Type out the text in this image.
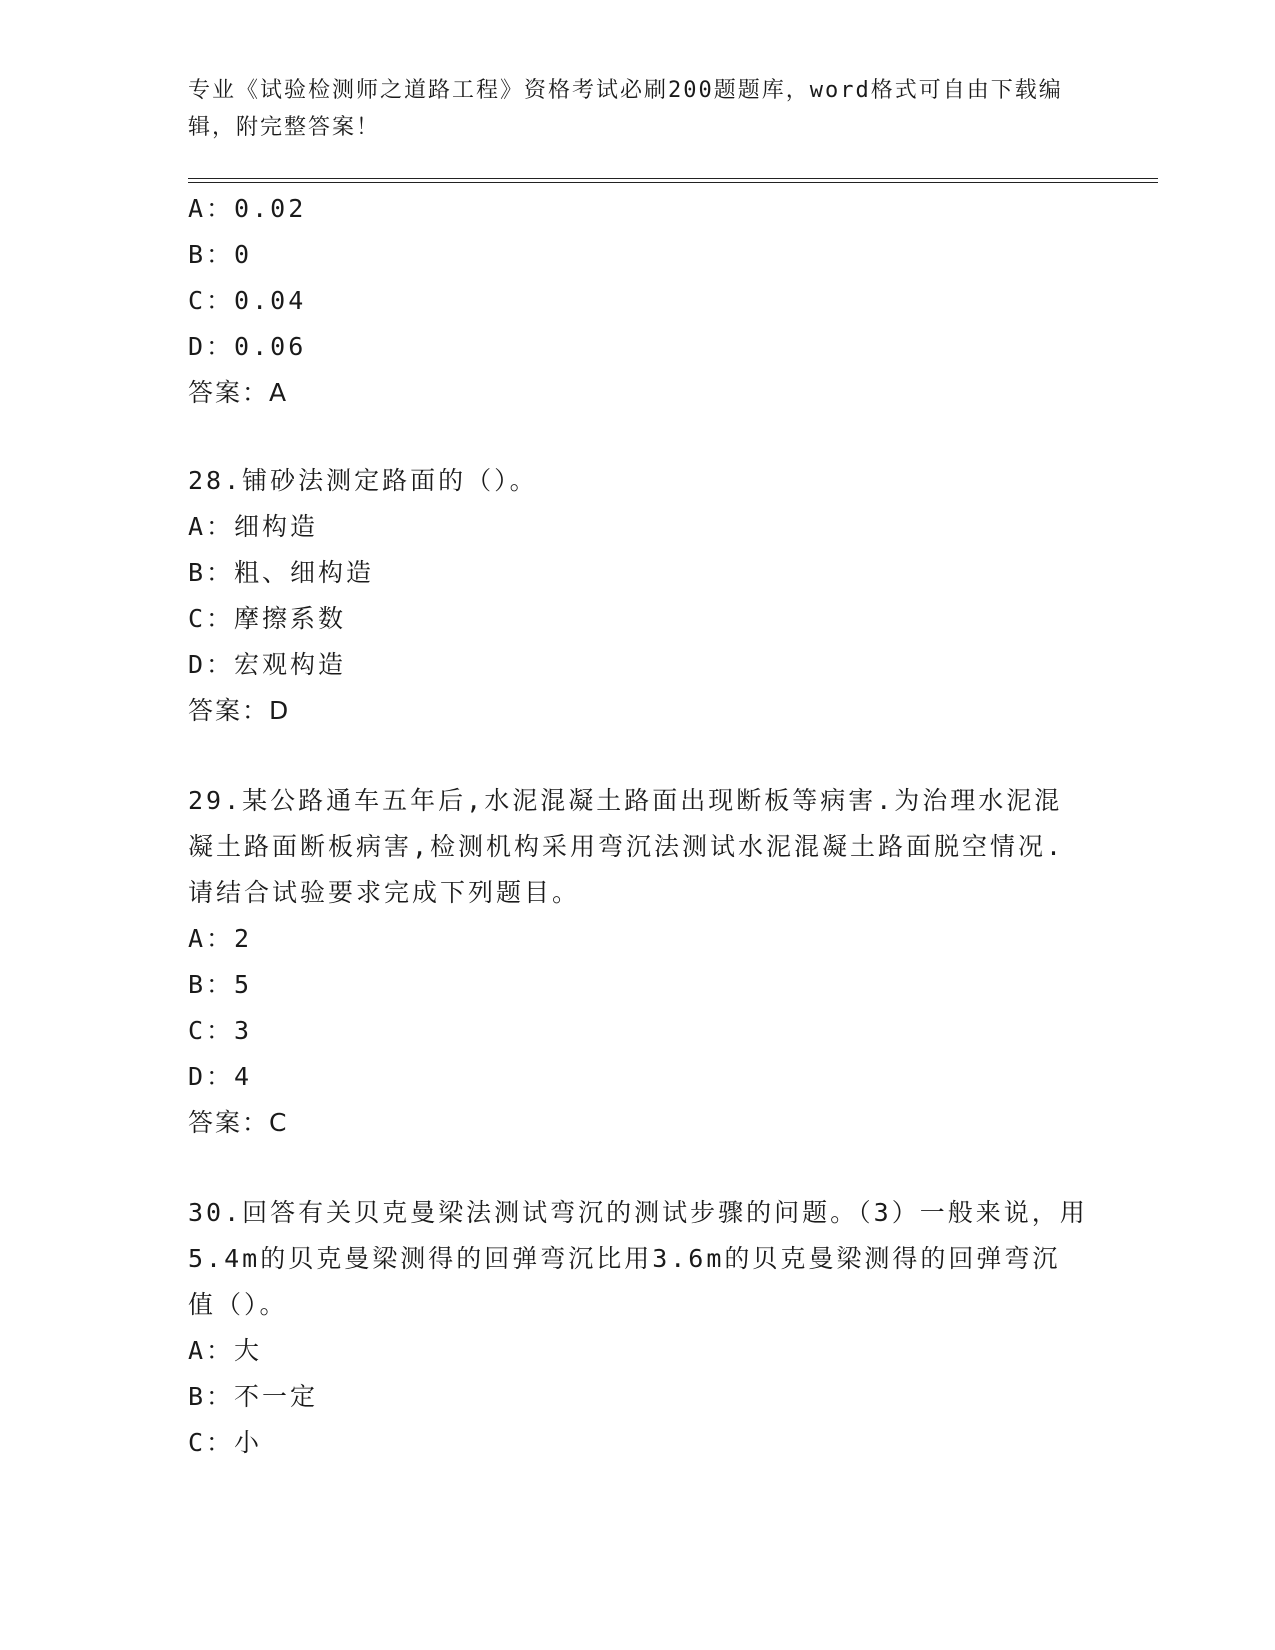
专业《试验检测师之道路工程》资格考试必刷200题题库，word格式可自由下载编辑，附完整答案！
A：0.02
B：0
C：0.04
D：0.06
答案：A
28.铺砂法测定路面的（）。
A：细构造
B：粗、细构造
C：摩擦系数
D：宏观构造
答案：D
29.某公路通车五年后,水泥混凝土路面出现断板等病害.为治理水泥混凝土路面断板病害,检测机构采用弯沉法测试水泥混凝土路面脱空情况.请结合试验要求完成下列题目。
A：2
B：5
C：3
D：4
答案：C
30.回答有关贝克曼梁法测试弯沉的测试步骤的问题。（3）一般来说，用5.4m的贝克曼梁测得的回弹弯沉比用3.6m的贝克曼梁测得的回弹弯沉值（）。
A：大
B：不一定
C：小
